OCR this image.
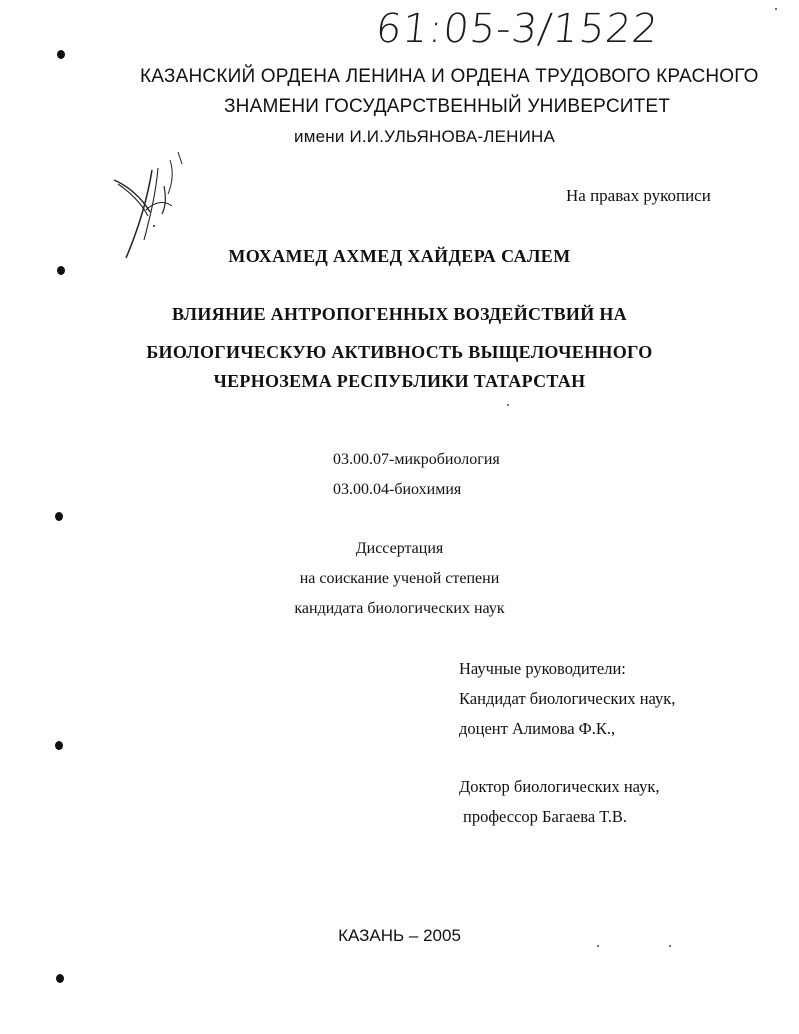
61:05-3/1522
КАЗАНСКИЙ ОРДЕНА ЛЕНИНА И ОРДЕНА ТРУДОВОГО КРАСНОГО
ЗНАМЕНИ ГОСУДАРСТВЕННЫЙ УНИВЕРСИТЕТ
имени И.И.УЛЬЯНОВА-ЛЕНИНА
На правах рукописи
МОХАМЕД АХМЕД ХАЙДЕРА САЛЕМ
ВЛИЯНИЕ АНТРОПОГЕННЫХ ВОЗДЕЙСТВИЙ НА
БИОЛОГИЧЕСКУЮ АКТИВНОСТЬ ВЫЩЕЛОЧЕННОГО
ЧЕРНОЗЕМА РЕСПУБЛИКИ ТАТАРСТАН
03.00.07-микробиология
03.00.04-биохимия
Диссертация
на соискание ученой степени
кандидата биологических наук
Научные руководители:
Кандидат биологических наук,
доцент Алимова Ф.К.,
Доктор биологических наук,
профессор Багаева Т.В.
КАЗАНЬ – 2005
